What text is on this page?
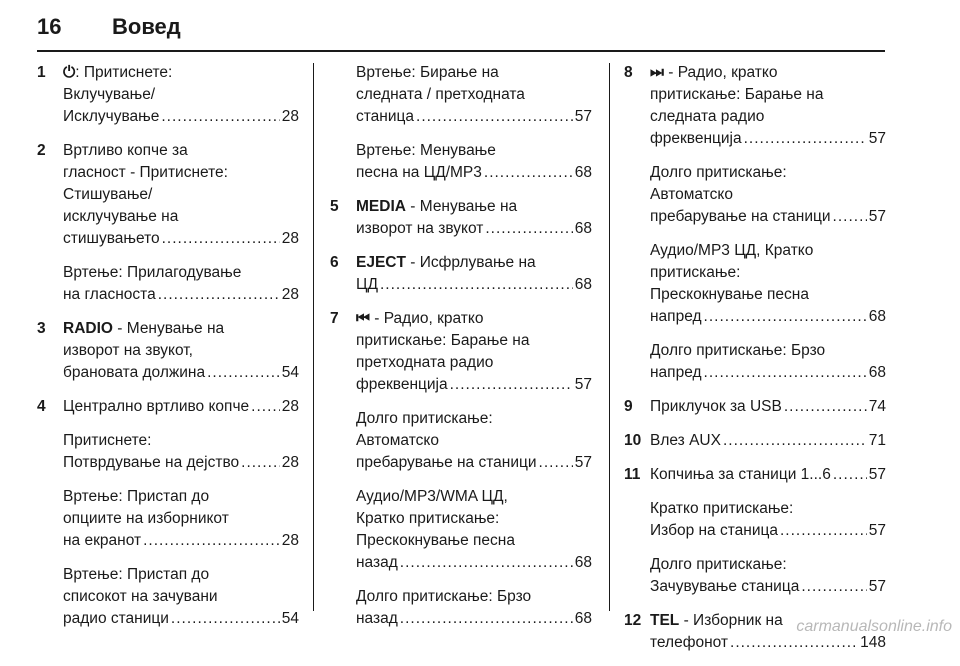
16 Вовед
1 ⏻: Притиснете:
Вклучување/
Исклучување .....	28
2 Вртливо копче за
гласност - Притиснете:
Стишување/
исклучување на
стишувањето .....	28
Вртење: Прилагодување
на гласноста .....	28
3 RADIO - Менување на
изворот на звукот,
брановата должина .....	54
4 Централно вртливо копче ..... 28
Притиснете:
Потврдување на дејство .....	28
Вртење: Пристап до
опциите на изборникот
на екранот .....	28
Вртење: Пристап до
списокот на зачувани
радио станици .....	54
Вртење: Бирање на
следната / претходната
станица .....	57
Вртење: Менување
песна на ЦД/MP3 .....	68
5 MEDIA - Менување на
изворот на звукот .....	68
6 EJECT - Исфрлување на
ЦД .....	68
7 ⏮ - Радио, кратко
притискање: Барање на
претходната радио
фреквенција .....	57
Долго притискање:
Автоматско
пребарување на станици ..... 57
Аудио/MP3/WMA ЦД,
Кратко притискање:
Прескокнување песна
назад .....	68
Долго притискање: Брзо
назад .....	68
8 ⏭ - Радио, кратко
притискање: Барање на
следната радио
фреквенција .....	57
Долго притискање:
Автоматско
пребарување на станици ..... 57
Аудио/MP3 ЦД, Кратко
притискање:
Прескокнување песна
напред .....	68
Долго притискање: Брзо
напред .....	68
9 Приклучок за USB .....	74
10 Влез AUX .....	71
11 Копчиња за станици 1...6 ..... 57
Кратко притискање:
Избор на станица .....	57
Долго притискање:
Зачувување станица .....	57
12 TEL - Изборник на
телефонот .....	148
carmanualsonline.info
